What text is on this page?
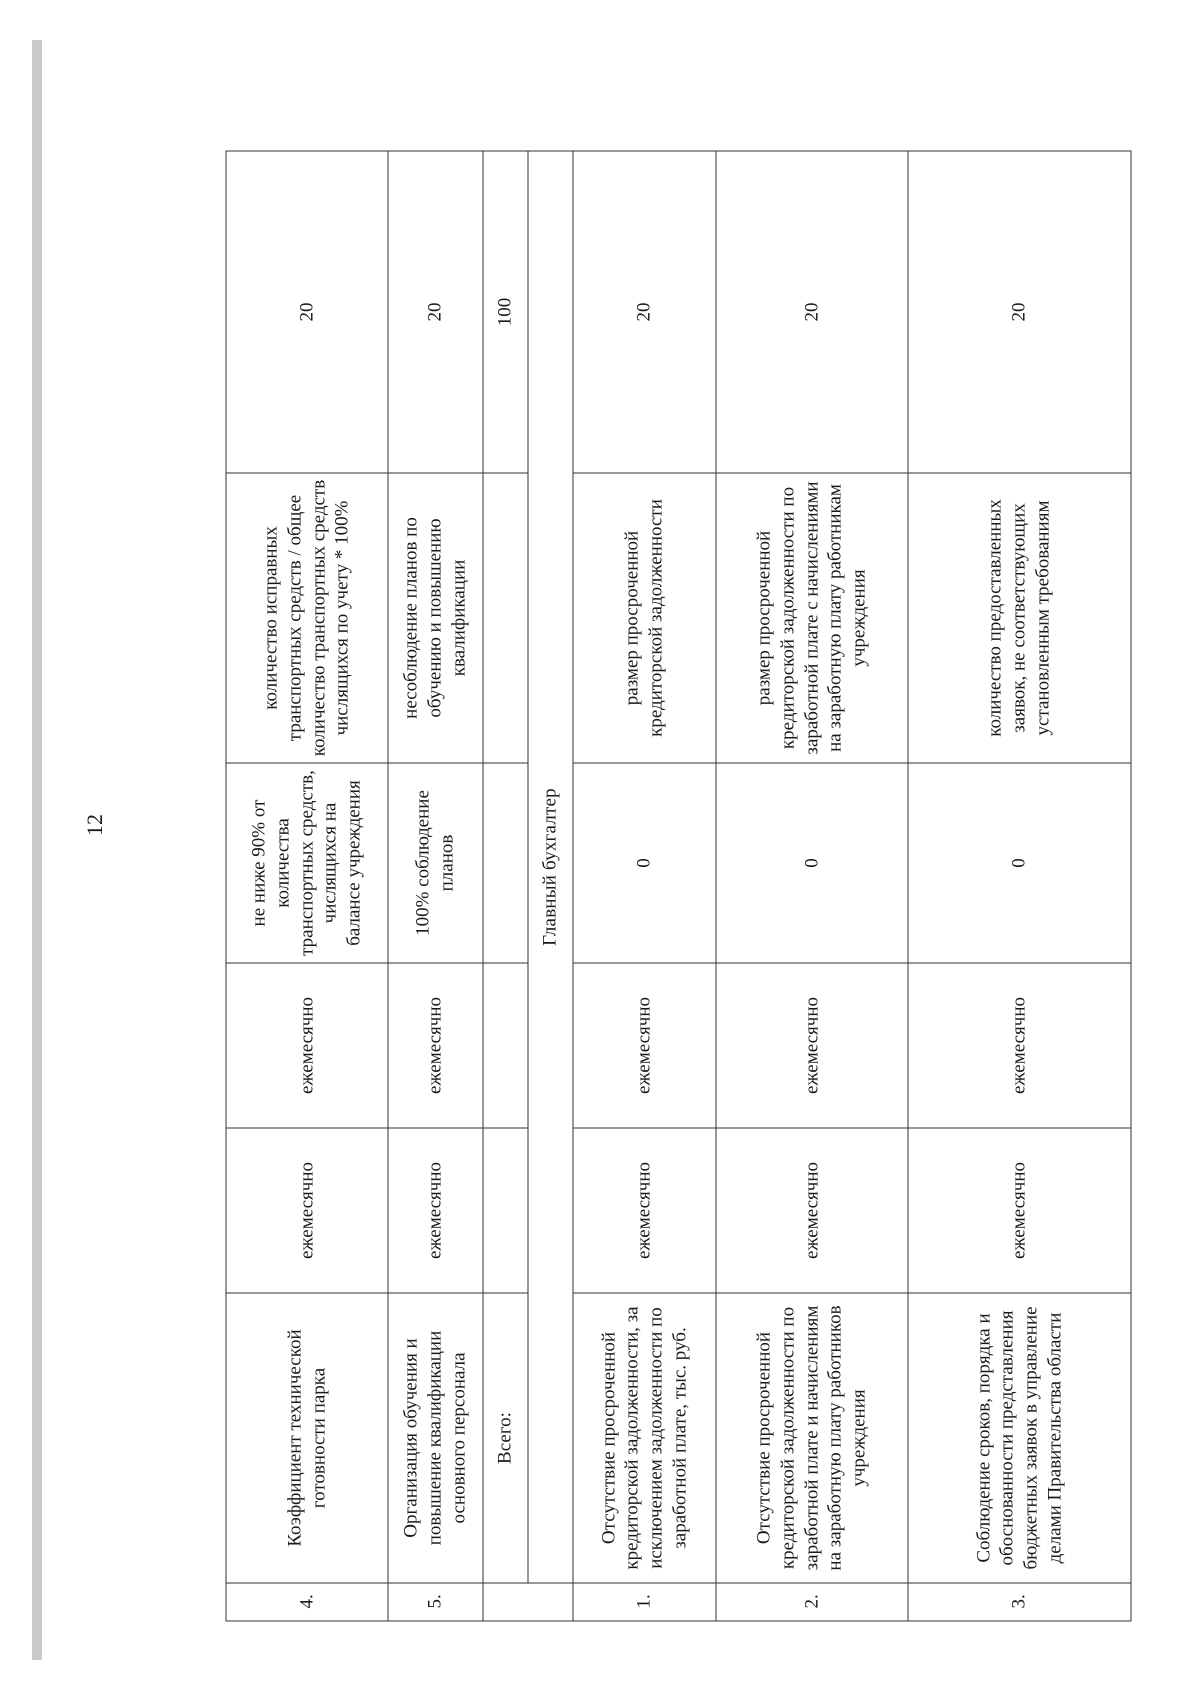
12
4.	Коэффициент технической готовности парка	ежемесячно	ежемесячно	не ниже 90% от количества транспортных средств, числящихся на балансе учреждения	количество исправных транспортных средств / общее количество транспортных средств числящихся по учету * 100%	20
5.	Организация обучения и повышение квалификации основного персонала	ежемесячно	ежемесячно	100% соблюдение планов	несоблюдение планов по обучению и повышению квалификации	20
	Всего:					100
	Главный бухгалтер					
1.	Отсутствие просроченной кредиторской задолженности, за исключением задолженности по заработной плате, тыс. руб.	ежемесячно	ежемесячно	0	размер просроченной кредиторской задолженности	20
2.	Отсутствие просроченной кредиторской задолженности по заработной плате и начислениям на заработную плату работников учреждения	ежемесячно	ежемесячно	0	размер просроченной кредиторской задолженности по заработной плате с начислениями на заработную плату работникам учреждения	20
3.	Соблюдение сроков, порядка и обоснованности представления бюджетных заявок в управление делами Правительства области	ежемесячно	ежемесячно	0	количество предоставленных заявок, не соответствующих установленным требованиям	20
